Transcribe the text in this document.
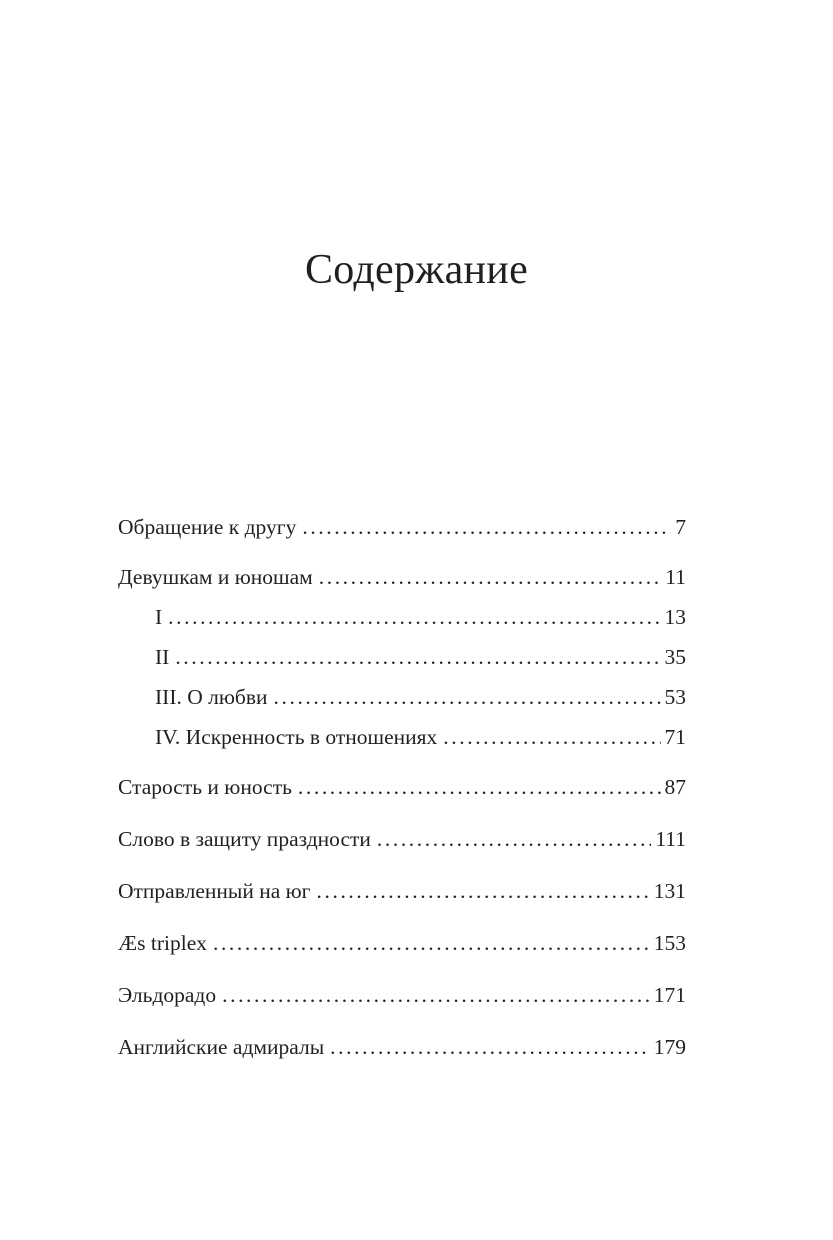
Содержание
Обращение к другу .....	7
Девушкам и юношам .....	11
I .....	13
II .....	35
III. О любви .....	53
IV. Искренность в отношениях .....	71
Старость и юность .....	87
Слово в защиту праздности .....	111
Отправленный на юг .....	131
Æs triplex .....	153
Эльдорадо .....	171
Английские адмиралы .....	179
